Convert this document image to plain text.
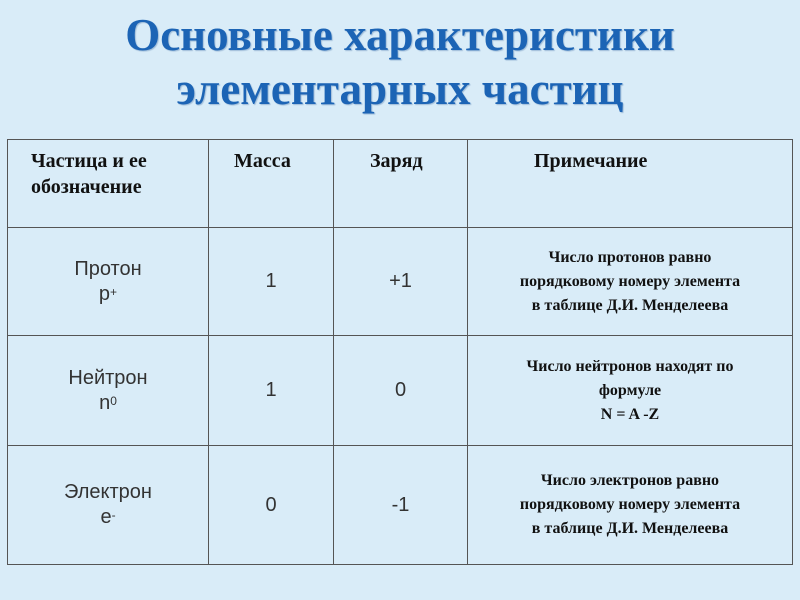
Основные характеристики
элементарных частиц
Частица и ее обозначение	Масса	Заряд	Примечание

Протон
p+	1	+1	Число протонов равно
порядковому номеру элемента
в таблице Д.И. Менделеева

Нейтрон
$n^0$	1	0	Число нейтронов находят по
формуле
N = A -Z

Электрон
e-	0	-1	Число электронов равно
порядковому номеру элемента
в таблице Д.И. Менделеева
